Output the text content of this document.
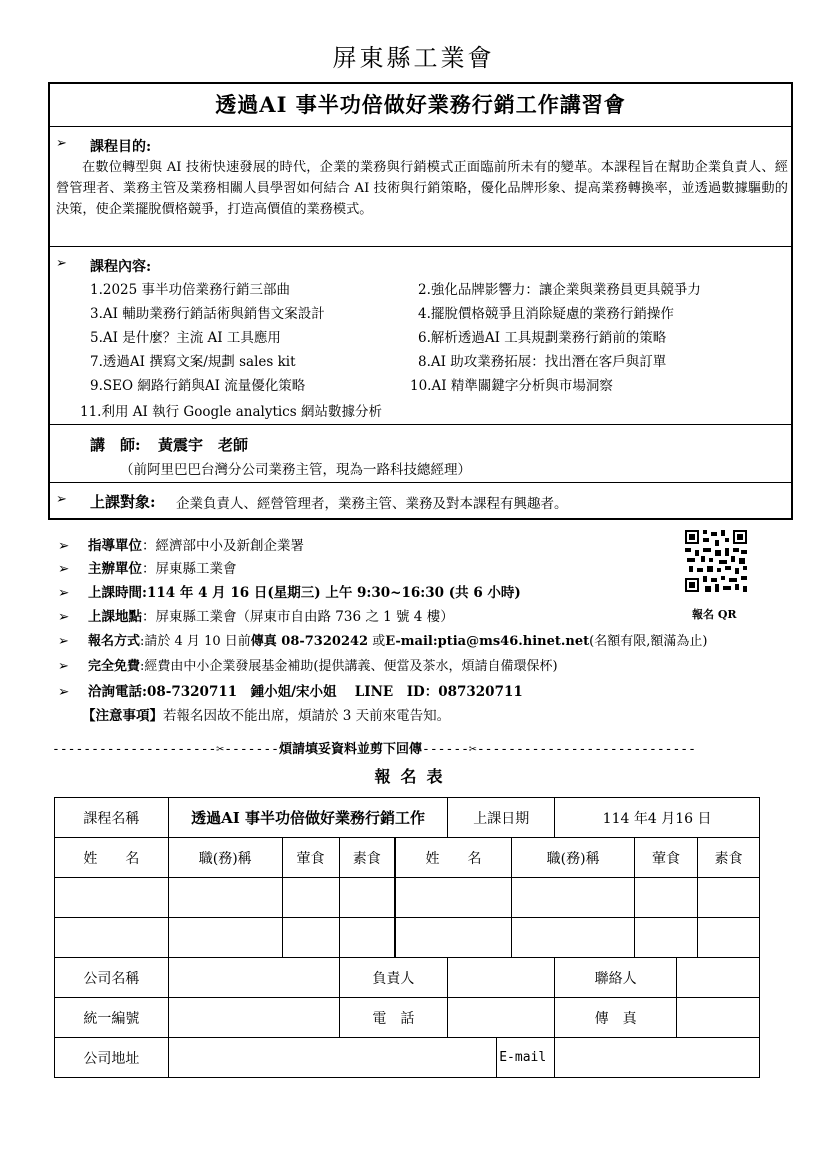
屏東縣工業會
透過AI 事半功倍做好業務行銷工作講習會
➢ 課程目的:
在數位轉型與 AI 技術快速發展的時代，企業的業務與行銷模式正面臨前所未有的變革。本課程旨在幫助企業負責人、經營管理者、業務主管及業務相關人員學習如何結合 AI 技術與行銷策略，優化品牌形象、提高業務轉換率，並透過數據驅動的決策，使企業擺脫價格競爭，打造高價值的業務模式。
➢ 課程內容:
1.2025 事半功倍業務行銷三部曲	2.強化品牌影響力：讓企業與業務員更具競爭力
3.AI 輔助業務行銷話術與銷售文案設計	4.擺脫價格競爭且消除疑慮的業務行銷操作
5.AI 是什麼？主流 AI 工具應用	6.解析透過AI 工具規劃業務行銷前的策略
7.透過AI 撰寫文案/規劃 sales kit	8.AI 助攻業務拓展：找出潛在客戶與訂單
9.SEO 網路行銷與AI 流量優化策略	10.AI 精準關鍵字分析與市場洞察
11.利用 AI 執行 Google analytics 網站數據分析
講　師: 黃震宇　老師
（前阿里巴巴台灣分公司業務主管，現為一路科技總經理）
➢ 上課對象: 企業負責人、經營管理者，業務主管、業務及對本課程有興趣者。
➢ 指導單位：經濟部中小及新創企業署
➢ 主辦單位：屏東縣工業會
➢ 上課時間:114 年 4 月 16 日(星期三) 上午 9:30~16:30 (共 6 小時)
➢ 上課地點：屏東縣工業會（屏東市自由路 736 之 1 號 4 樓）
➢ 報名方式:請於 4 月 10 日前傳真 08-7320242 或E-mail:ptia@ms46.hinet.net(名額有限,額滿為止)
➢ 完全免費:經費由中小企業發展基金補助(提供講義、便當及茶水，煩請自備環保杯)
➢ 洽詢電話:08-7320711　鍾小姐/宋小姐　 LINE　ID：087320711
【注意事項】若報名因故不能出席，煩請於 3 天前來電告知。
報名 QR
---------------------✂-------煩請填妥資料並剪下回傳------✂----------------------------
報名表
課程名稱	透過AI 事半功倍做好業務行銷工作				上課日期			114 年4 月16 日			
姓　　名	職(務)稱	葷食	素食	姓　　名			職(務)稱		葷食		素食

公司名稱			負責人					聯絡人			
統一編號			電　話					傳　真			
公司地址						E-mail					
